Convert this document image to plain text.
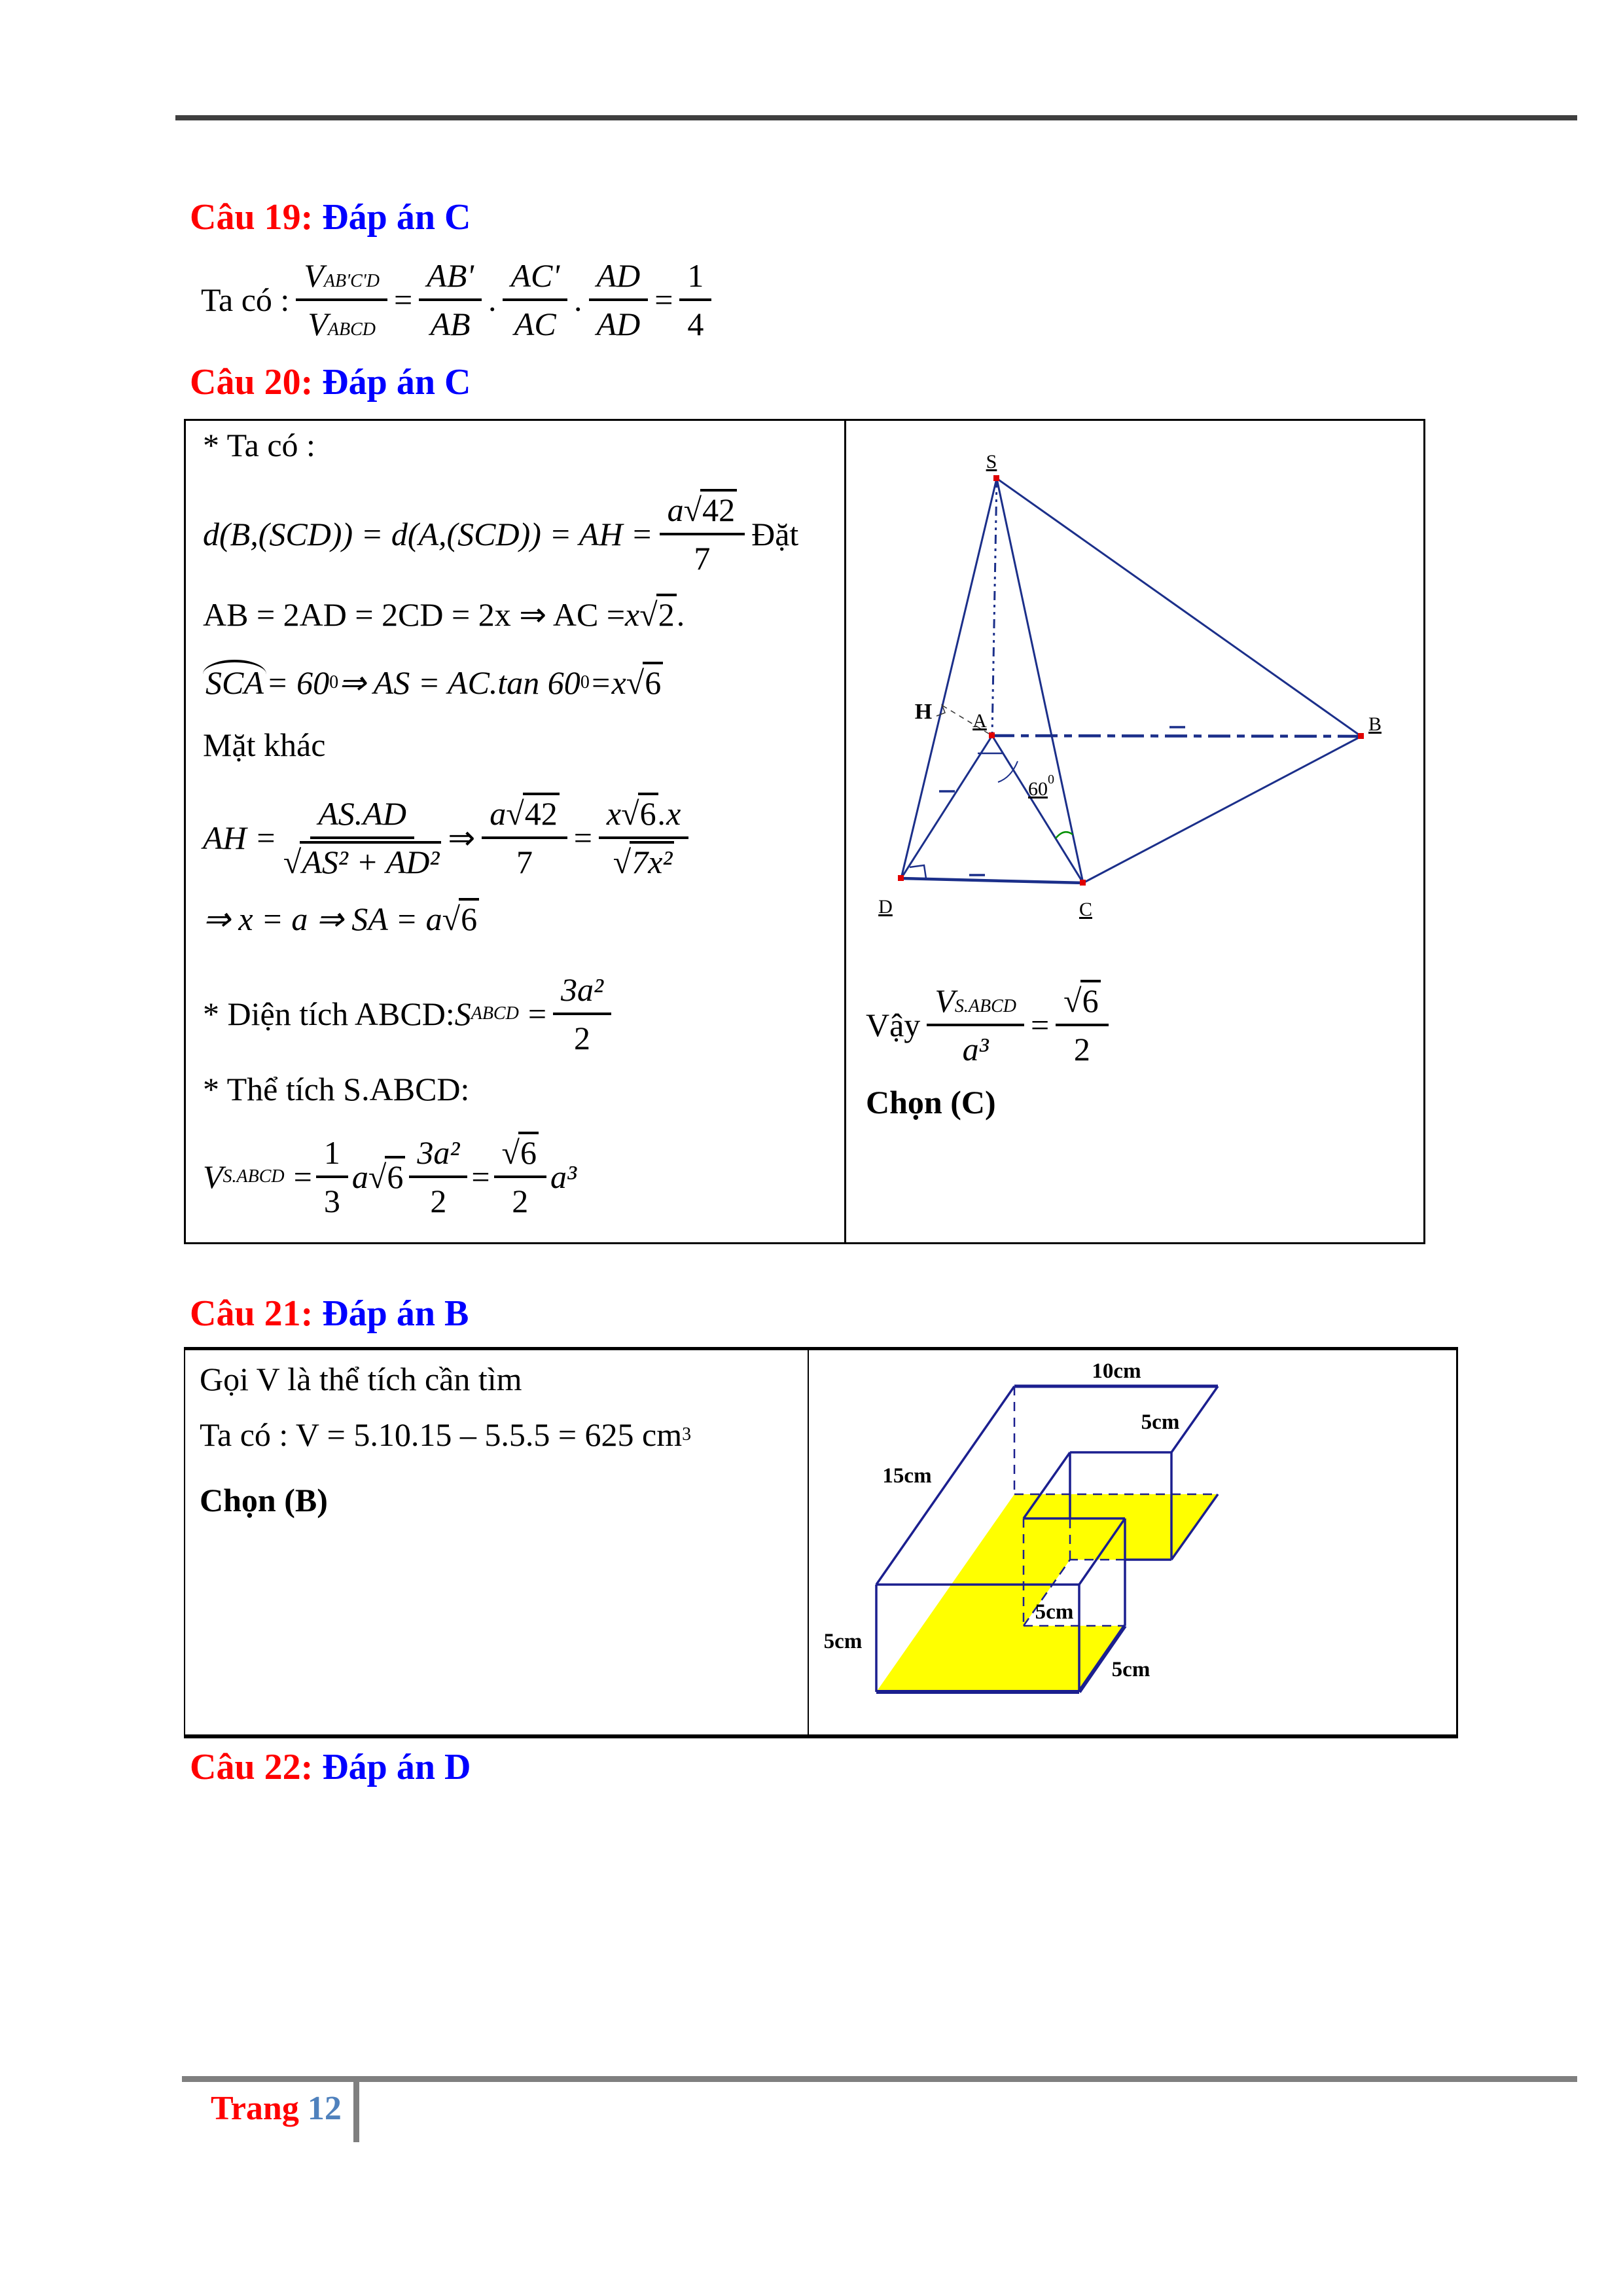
Câu 19: Đáp án C
Ta có : $\frac{\text{V AB'C'D}}{\text{V ABCD}} = \frac{AB'}{AB}$ . $\frac{AC'}{AC}$ . $\frac{AD}{AD} = \frac{1}{4}$
Câu 20: Đáp án C
* Ta có :
d(B,(SCD)) = d(A,(SCD)) = AH = $\frac{a √42}{7}$ Đặt
AB = 2AD = 2CD = 2x ⇒ AC = x √2 .
SCA = 60 0 ⇒ AS = AC.tan 60 0 = x √6
Mặt khác
AH = $\frac{AS.AD}{\text{√AS² + AD²}}$ ⇒ $\frac{a √42}{7} = \frac{x √6 .x}{\text{√7x²}}$
⇒ x = a ⇒ SA = a √6
* Diện tích ABCD: S ABCD = $\frac{\text{3a²}}{2}$
* Thể tích S.ABCD:
V S.ABCD = $\frac{1}{3}$ a $√6 \frac{\text{3a²}}{2} = \frac{√6}{2} a^3$
S
A	B
C
D
H
$60^0$
Vậy $\frac{\text{V S.ABCD}}{\text{a³}} = \frac{√6}{2}$
Chọn (C)
Câu 21: Đáp án B
Gọi V là thể tích cần tìm
Ta có : V = 5.10.15 – 5.5.5 = 625 cm 3
Chọn (B)
10cm
5cm
15cm
5cm
5cm
5cm
Câu 22: Đáp án D
Trang 12
